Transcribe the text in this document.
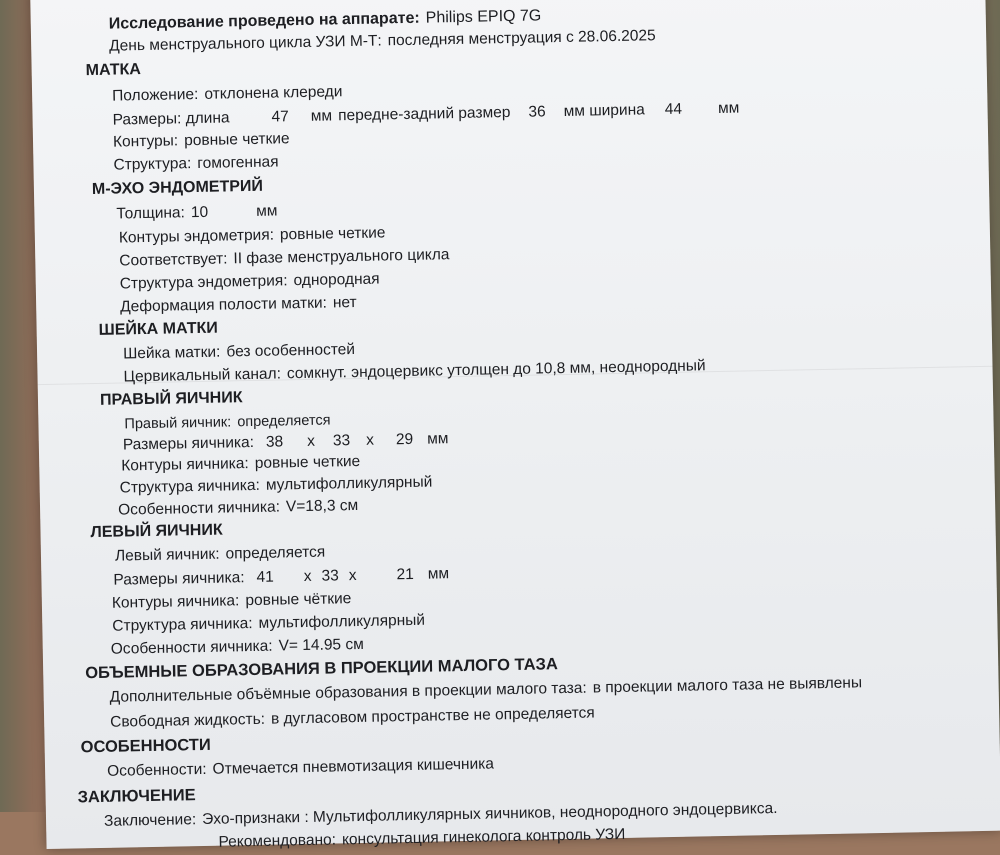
Исследование проведено на аппарате: Philips EPIQ 7G
День менструального цикла УЗИ М-Т: последняя менструация с 28.06.2025
МАТКА
Положение: отклонена клереди
Размеры: длина	47 мм передне-задний размер 36 мм ширина 44 мм
Контуры: ровные четкие
Структура: гомогенная
М-ЭХО ЭНДОМЕТРИЙ
Толщина: 10	мм
Контуры эндометрия: ровные четкие
Соответствует: II фазе менструального цикла
Структура эндометрия: однородная
Деформация полости матки: нет
ШЕЙКА МАТКИ
Шейка матки: без особенностей
Цервикальный канал: сомкнут. эндоцервикс утолщен до 10,8 мм, неоднородный
ПРАВЫЙ ЯИЧНИК
Правый яичник: определяется
Размеры яичника: 38 x 33 x 29 мм
Контуры яичника: ровные четкие
Структура яичника: мультифолликулярный
Особенности яичника: V=18,3 см
ЛЕВЫЙ ЯИЧНИК
Левый яичник: определяется
Размеры яичника: 41 x 33 x	21 мм
Контуры яичника: ровные чёткие
Структура яичника: мультифолликулярный
Особенности яичника: V= 14.95 см
ОБЪЕМНЫЕ ОБРАЗОВАНИЯ В ПРОЕКЦИИ МАЛОГО ТАЗА
Дополнительные объёмные образования в проекции малого таза: в проекции малого таза не выявлены
Свободная жидкость: в дугласовом пространстве не определяется
ОСОБЕННОСТИ
Особенности: Отмечается пневмотизация кишечника
ЗАКЛЮЧЕНИЕ
Заключение: Эхо-признаки : Мультифолликулярных яичников, неоднородного эндоцервикса.
Рекомендовано: консультация гинеколога контроль УЗИ
